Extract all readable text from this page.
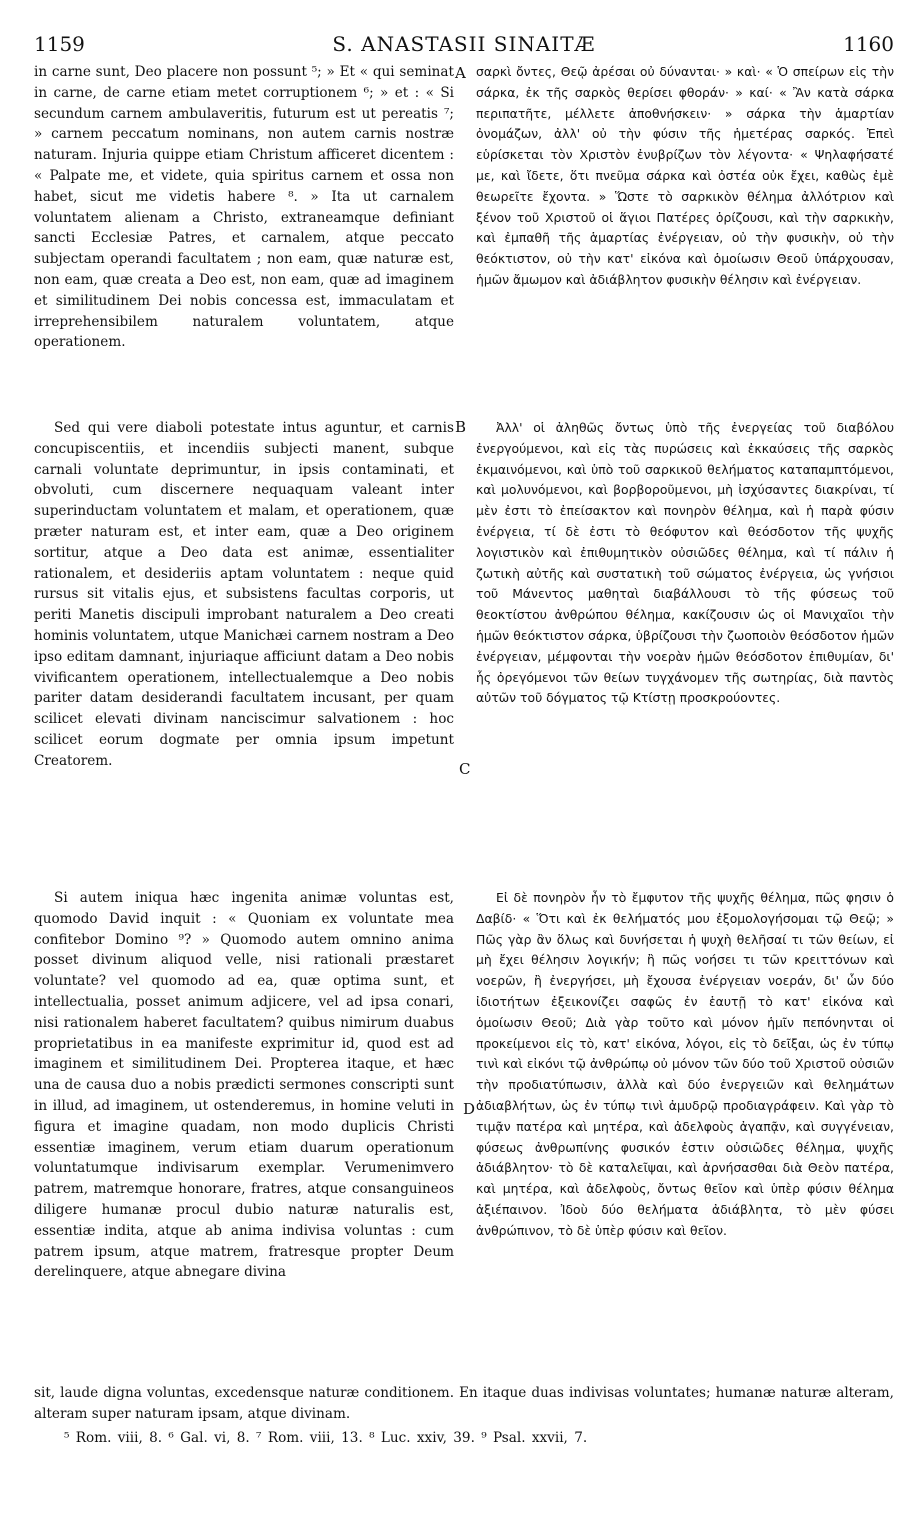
1159	S. ANASTASII SINAITÆ	1160

in carne sunt, Deo placere non possunt ⁵; » Et « qui seminat in carne, de carne etiam metet corruptionem ⁶; » et : « Si secundum carnem ambulaveritis, futurum est ut pereatis ⁷; » carnem peccatum nominans, non autem carnis nostræ naturam. Injuria quippe etiam Christum afficeret dicentem : « Palpate me, et videte, quia spiritus carnem et ossa non habet, sicut me videtis habere ⁸. » Ita ut carnalem voluntatem alienam a Christo, extraneamque definiant sancti Ecclesiæ Patres, et carnalem, atque peccato subjectam operandi facultatem ; non eam, quæ naturæ est, non eam, quæ creata a Deo est, non eam, quæ ad imaginem et similitudinem Dei nobis concessa est, immaculatam et irreprehensibilem naturalem voluntatem, atque operationem.

Sed qui vere diaboli potestate intus aguntur, et carnis concupiscentiis, et incendiis subjecti manent, subque carnali voluntate deprimuntur, in ipsis contaminati, et obvoluti, cum discernere nequaquam valeant inter superinductam voluntatem et malam, et operationem, quæ præter naturam est, et inter eam, quæ a Deo originem sortitur, atque a Deo data est animæ, essentialiter rationalem, et desideriis aptam voluntatem : neque quid rursus sit vitalis ejus, et subsistens facultas corporis, ut periti Manetis discipuli improbant naturalem a Deo creati hominis voluntatem, utque Manichæi carnem nostram a Deo ipso editam damnant, injuriaque afficiunt datam a Deo nobis vivificantem operationem, intellectualemque a Deo nobis pariter datam desiderandi facultatem incusant, per quam scilicet elevati divinam nanciscimur salvationem : hoc scilicet eorum dogmate per omnia ipsum impetunt Creatorem.

Si autem iniqua hæc ingenita animæ voluntas est, quomodo David inquit : « Quoniam ex voluntate mea confitebor Domino ⁹? » Quomodo autem omnino anima posset divinum aliquod velle, nisi rationali præstaret voluntate? vel quomodo ad ea, quæ optima sunt, et intellectualia, posset animum adjicere, vel ad ipsa conari, nisi rationalem haberet facultatem? quibus nimirum duabus proprietatibus in ea manifeste exprimitur id, quod est ad imaginem et similitudinem Dei. Propterea itaque, et hæc una de causa duo a nobis prædicti sermones conscripti sunt in illud, ad imaginem, ut ostenderemus, in homine veluti in figura et imagine quadam, non modo duplicis Christi essentiæ imaginem, verum etiam duarum operationum voluntatumque indivisarum exemplar. Verumenimvero patrem, matremque honorare, fratres, atque consanguineos diligere humanæ procul dubio naturæ naturalis est, essentiæ indita, atque ab anima indivisa voluntas : cum patrem ipsum, atque matrem, fratresque propter Deum derelinquere, atque abnegare divina

A
B
C
D

σαρκὶ ὄντες, Θεῷ ἀρέσαι οὐ δύνανται· » καὶ· « Ὁ σπείρων εἰς τὴν σάρκα, ἐκ τῆς σαρκὸς θερίσει φθοράν· » καί· « Ἂν κατὰ σάρκα περιπατῆτε, μέλλετε ἀποθνήσκειν· » σάρκα τὴν ἁμαρτίαν ὀνομάζων, ἀλλ' οὐ τὴν φύσιν τῆς ἡμετέρας σαρκός. Ἐπεὶ εὑρίσκεται τὸν Χριστὸν ἐνυβρίζων τὸν λέγοντα· « Ψηλαφήσατέ με, καὶ ἴδετε, ὅτι πνεῦμα σάρκα καὶ ὀστέα οὐκ ἔχει, καθὼς ἐμὲ θεωρεῖτε ἔχοντα. » Ὥστε τὸ σαρκικὸν θέλημα ἀλλότριον καὶ ξένον τοῦ Χριστοῦ οἱ ἅγιοι Πατέρες ὁρίζουσι, καὶ τὴν σαρκικὴν, καὶ ἐμπαθῆ τῆς ἁμαρτίας ἐνέργειαν, οὐ τὴν φυσικὴν, οὐ τὴν θεόκτιστον, οὐ τὴν κατ' εἰκόνα καὶ ὁμοίωσιν Θεοῦ ὑπάρχουσαν, ἡμῶν ἄμωμον καὶ ἀδιάβλητον φυσικὴν θέλησιν καὶ ἐνέργειαν.

Ἀλλ' οἱ ἀληθῶς ὄντως ὑπὸ τῆς ἐνεργείας τοῦ διαβόλου ἐνεργούμενοι, καὶ εἰς τὰς πυρώσεις καὶ ἐκκαύσεις τῆς σαρκὸς ἐκμαινόμενοι, καὶ ὑπὸ τοῦ σαρκικοῦ θελήματος καταπαμπτόμενοι, καὶ μολυνόμενοι, καὶ βορβοροῦμενοι, μὴ ἰσχύσαντες διακρίναι, τί μὲν ἐστι τὸ ἐπείσακτον καὶ πονηρὸν θέλημα, καὶ ἡ παρὰ φύσιν ἐνέργεια, τί δὲ ἐστι τὸ θεόφυτον καὶ θεόσδοτον τῆς ψυχῆς λογιστικὸν καὶ ἐπιθυμητικὸν οὐσιῶδες θέλημα, καὶ τί πάλιν ἡ ζωτικὴ αὐτῆς καὶ συστατικὴ τοῦ σώματος ἐνέργεια, ὡς γνήσιοι τοῦ Μάνεντος μαθηταὶ διαβάλλουσι τὸ τῆς φύσεως τοῦ θεοκτίστου ἀνθρώπου θέλημα, κακίζουσιν ὡς οἱ Μανιχαῖοι τὴν ἡμῶν θεόκτιστον σάρκα, ὑβρίζουσι τὴν ζωοποιὸν θεόσδοτον ἡμῶν ἐνέργειαν, μέμφονται τὴν νοερὰν ἡμῶν θεόσδοτον ἐπιθυμίαν, δι' ἧς ὀρεγόμενοι τῶν θείων τυγχάνομεν τῆς σωτηρίας, διὰ παντὸς αὐτῶν τοῦ δόγματος τῷ Κτίστῃ προσκρούοντες.

Εἰ δὲ πονηρὸν ἦν τὸ ἔμφυτον τῆς ψυχῆς θέλημα, πῶς φησιν ὁ Δαβίδ· « Ὅτι καὶ ἐκ θελήματός μου ἐξομολογήσομαι τῷ Θεῷ; » Πῶς γὰρ ἂν ὅλως καὶ δυνήσεται ἡ ψυχὴ θελῆσαί τι τῶν θείων, εἰ μὴ ἔχει θέλησιν λογικήν; ἢ πῶς νοήσει τι τῶν κρειττόνων καὶ νοερῶν, ἢ ἐνεργήσει, μὴ ἔχουσα ἐνέργειαν νοεράν, δι' ὧν δύο ἰδιοτήτων ἐξεικονίζει σαφῶς ἐν ἑαυτῇ τὸ κατ' εἰκόνα καὶ ὁμοίωσιν Θεοῦ; Διὰ γὰρ τοῦτο καὶ μόνον ἡμῖν πεπόνηνται οἱ προκείμενοι εἰς τὸ, κατ' εἰκόνα, λόγοι, εἰς τὸ δεῖξαι, ὡς ἐν τύπῳ τινὶ καὶ εἰκόνι τῷ ἀνθρώπῳ οὐ μόνον τῶν δύο τοῦ Χριστοῦ οὐσιῶν τὴν προδιατύπωσιν, ἀλλὰ καὶ δύο ἐνεργειῶν καὶ θελημάτων ἀδιαβλήτων, ὡς ἐν τύπῳ τινὶ ἀμυδρῷ προδιαγράφειν. Καὶ γὰρ τὸ τιμᾷν πατέρα καὶ μητέρα, καὶ ἀδελφοὺς ἀγαπᾷν, καὶ συγγένειαν, φύσεως ἀνθρωπίνης φυσικόν ἐστιν οὐσιῶδες θέλημα, ψυχῆς ἀδιάβλητον· τὸ δὲ καταλεῖψαι, καὶ ἀρνήσασθαι διὰ Θεὸν πατέρα, καὶ μητέρα, καὶ ἀδελφοὺς, ὄντως θεῖον καὶ ὑπὲρ φύσιν θέλημα ἀξιέπαινον. Ἰδοὺ δύο θελήματα ἀδιάβλητα, τὸ μὲν φύσει ἀνθρώπινον, τὸ δὲ ὑπὲρ φύσιν καὶ θεῖον.

sit, laude digna voluntas, excedensque naturæ conditionem. En itaque duas indivisas voluntates; humanæ naturæ alteram, alteram super naturam ipsam, atque divinam.
⁵ Rom. viii, 8. ⁶ Gal. vi, 8. ⁷ Rom. viii, 13. ⁸ Luc. xxiv, 39. ⁹ Psal. xxvii, 7.
